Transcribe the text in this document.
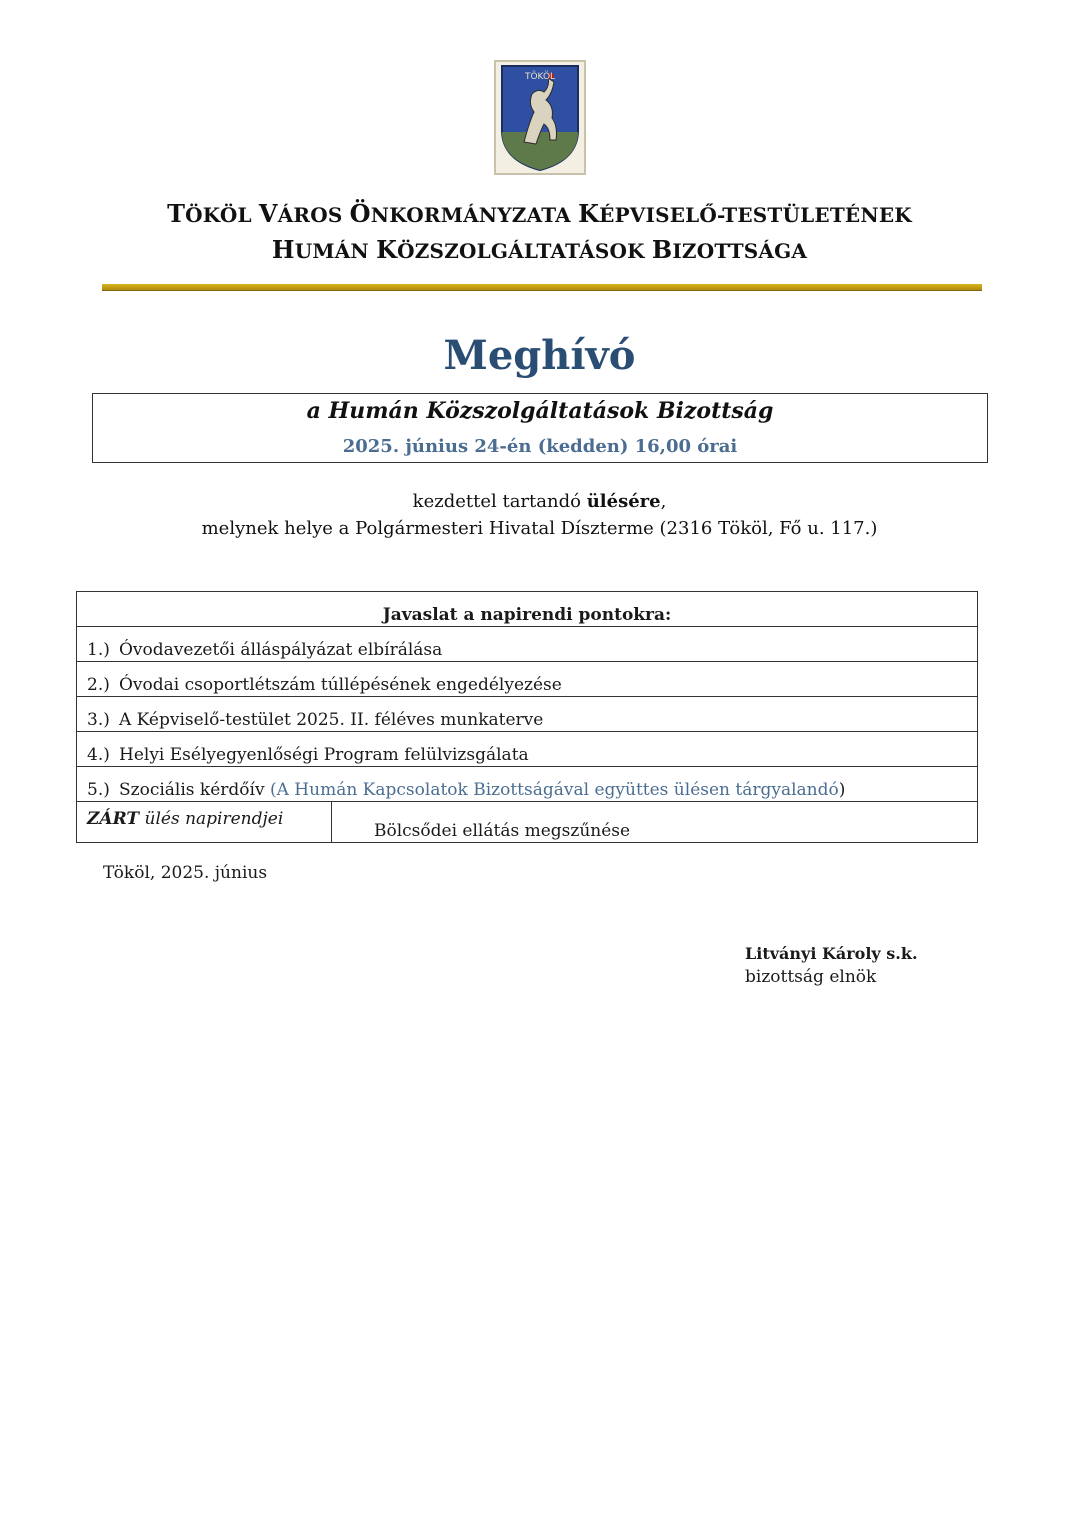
TÖKÖL
TÖKÖL VÁROS ÖNKORMÁNYZATA KÉPVISELŐ-TESTÜLETÉNEK
HUMÁN KÖZSZOLGÁLTATÁSOK BIZOTTSÁGA
Meghívó
a Humán Közszolgáltatások Bizottság
2025. június 24-én (kedden) 16,00 órai
kezdettel tartandó ülésére,
melynek helye a Polgármesteri Hivatal Díszterme (2316 Tököl, Fő u. 117.)
Javaslat a napirendi pontokra:
1.) Óvodavezetői álláspályázat elbírálása
2.) Óvodai csoportlétszám túllépésének engedélyezése
3.) A Képviselő-testület 2025. II. féléves munkaterve
4.) Helyi Esélyegyenlőségi Program felülvizsgálata
5.) Szociális kérdőív (A Humán Kapcsolatok Bizottságával együttes ülésen tárgyalandó)
ZÁRT ülés napirendjei	Bölcsődei ellátás megszűnése
Tököl, 2025. június
Litványi Károly s.k.
bizottság elnök
